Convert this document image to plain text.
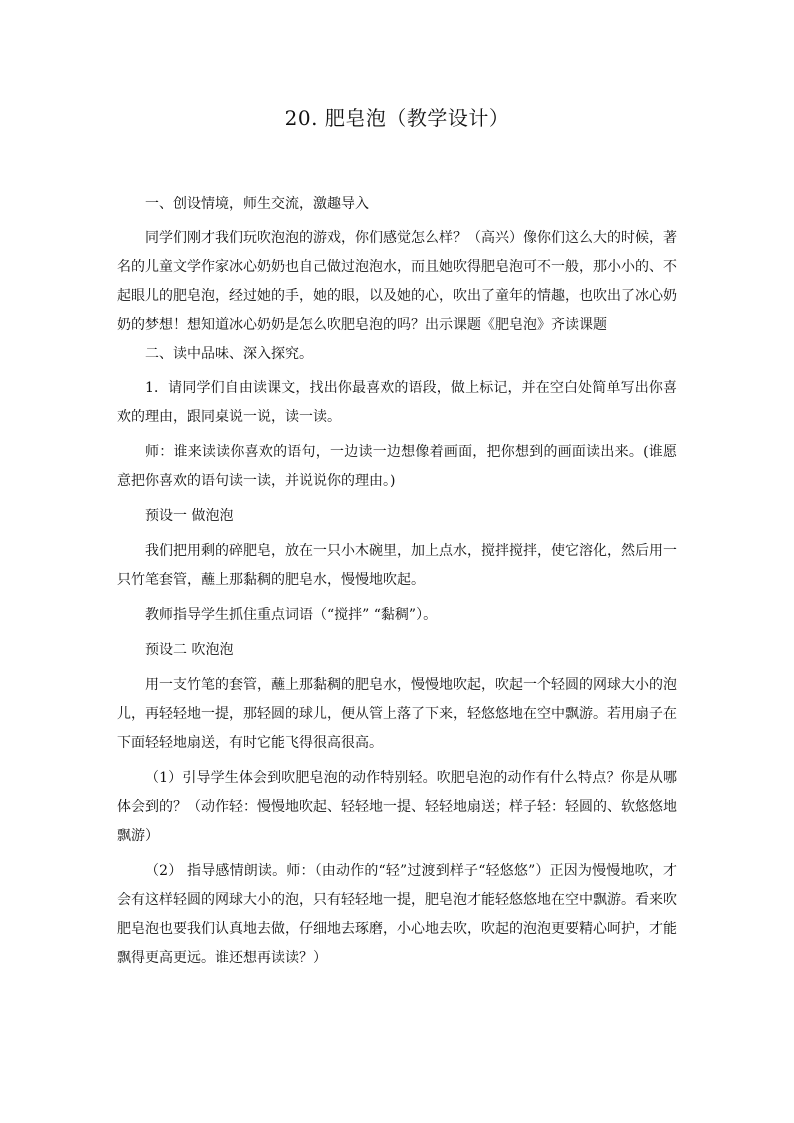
20. 肥皂泡（教学设计）

一、创设情境，师生交流，激趣导入

同学们刚才我们玩吹泡泡的游戏，你们感觉怎么样？（高兴）像你们这么大的时候，著名的儿童文学作家冰心奶奶也自己做过泡泡水，而且她吹得肥皂泡可不一般，那小小的、不起眼儿的肥皂泡，经过她的手，她的眼，以及她的心，吹出了童年的情趣，也吹出了冰心奶奶的梦想！想知道冰心奶奶是怎么吹肥皂泡的吗？出示课题《肥皂泡》齐读课题

二、读中品味、深入探究。

1．请同学们自由读课文，找出你最喜欢的语段，做上标记，并在空白处简单写出你喜欢的理由，跟同桌说一说，读一读。

师：谁来读读你喜欢的语句，一边读一边想像着画面，把你想到的画面读出来。(谁愿意把你喜欢的语句读一读，并说说你的理由。)

预设一 做泡泡

我们把用剩的碎肥皂，放在一只小木碗里，加上点水，搅拌搅拌，使它溶化，然后用一只竹笔套管，蘸上那黏稠的肥皂水，慢慢地吹起。

教师指导学生抓住重点词语（“搅拌” “黏稠”）。

预设二 吹泡泡

用一支竹笔的套管，蘸上那黏稠的肥皂水，慢慢地吹起，吹起一个轻圆的网球大小的泡儿，再轻轻地一提，那轻圆的球儿，便从管上落了下来，轻悠悠地在空中飘游。若用扇子在下面轻轻地扇送，有时它能飞得很高很高。

（1）引导学生体会到吹肥皂泡的动作特别轻。吹肥皂泡的动作有什么特点？你是从哪体会到的？（动作轻：慢慢地吹起、轻轻地一提、轻轻地扇送；样子轻：轻圆的、软悠悠地飘游）

（2） 指导感情朗读。师：（由动作的“轻”过渡到样子“轻悠悠”）正因为慢慢地吹，才会有这样轻圆的网球大小的泡，只有轻轻地一提，肥皂泡才能轻悠悠地在空中飘游。看来吹肥皂泡也要我们认真地去做，仔细地去琢磨，小心地去吹，吹起的泡泡更要精心呵护，才能飘得更高更远。谁还想再读读？）
